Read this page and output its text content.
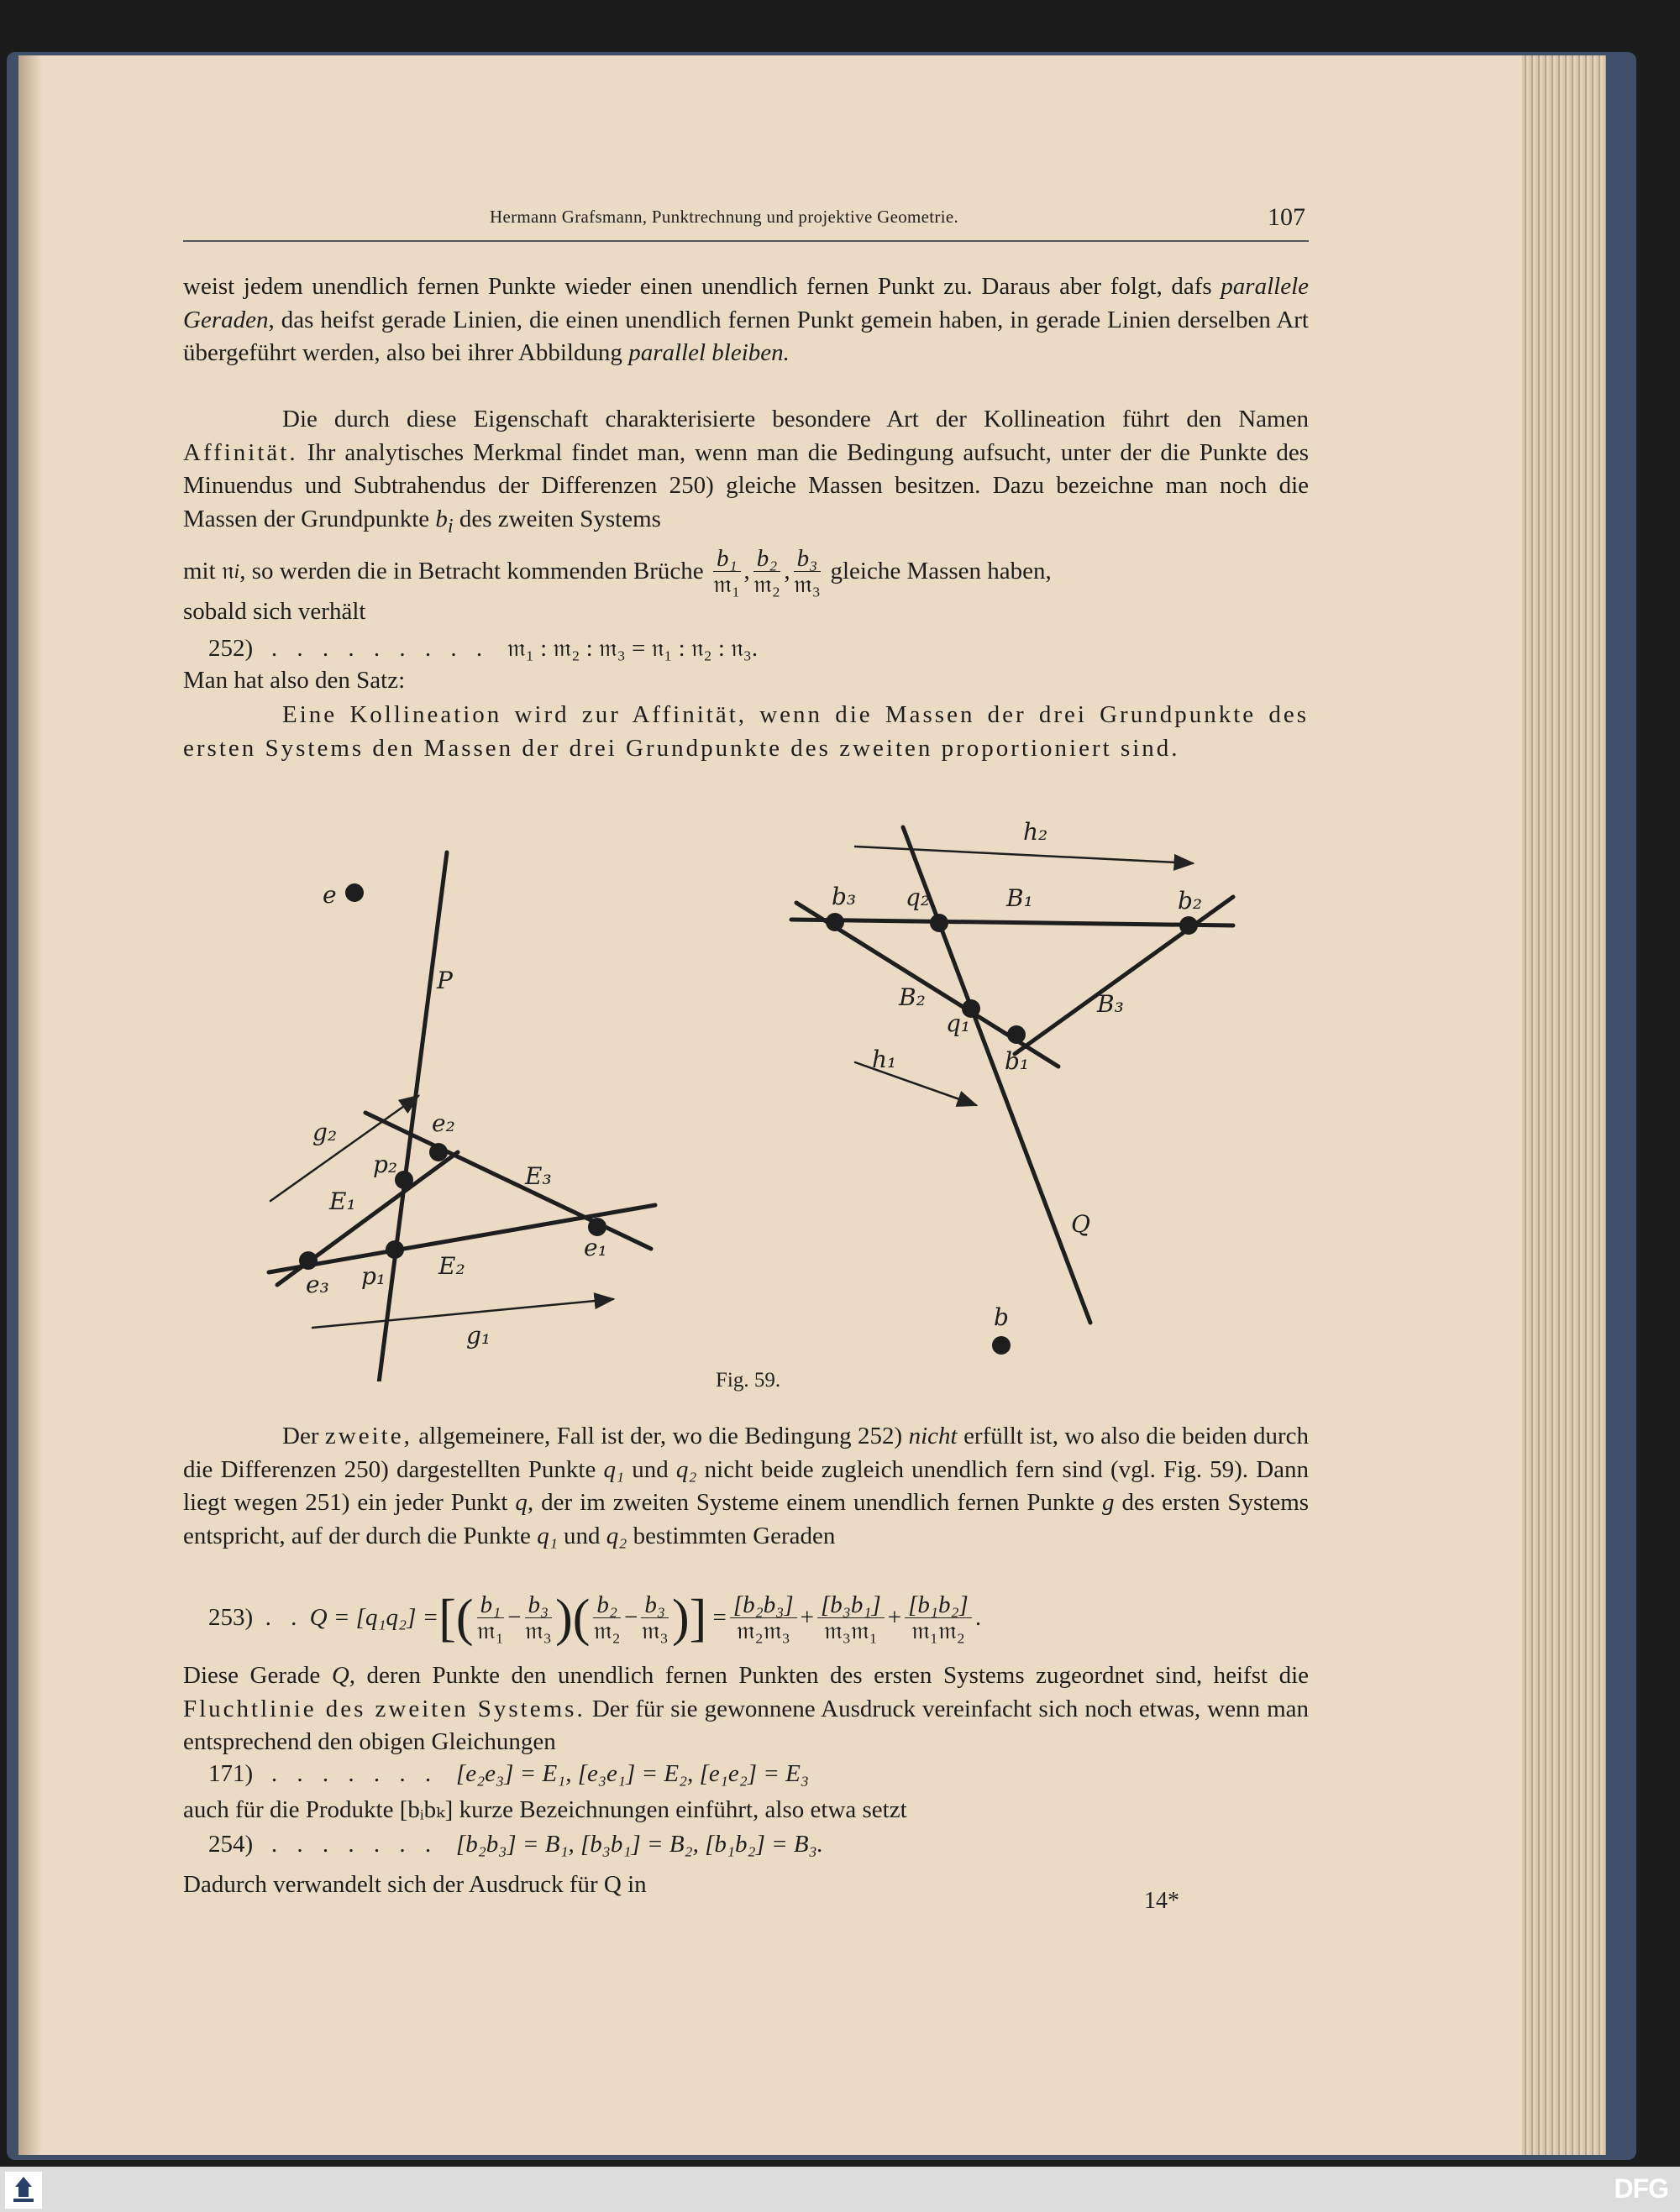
Hermann Grafsmann, Punktrechnung und projektive Geometrie.	107

weist jedem unendlich fernen Punkte wieder einen unendlich fernen Punkt zu. Daraus aber folgt, dafs parallele Geraden, das heifst gerade Linien, die einen unendlich fernen Punkt gemein haben, in gerade Linien derselben Art übergeführt werden, also bei ihrer Abbildung parallel bleiben.

Die durch diese Eigenschaft charakterisierte besondere Art der Kollineation führt den Namen Affinität. Ihr analytisches Merkmal findet man, wenn man die Bedingung aufsucht, unter der die Punkte des Minuendus und Subtrahendus der Differenzen 250) gleiche Massen besitzen. Dazu bezeichne man noch die Massen der Grundpunkte $b_i$ des zweiten Systems

mit
𝔫 i , so werden die in Betracht kommenden Brüche
$\frac{\text{b₁}}{\text{𝔪₁}}$ , $\frac{\text{b₂}}{\text{𝔪₂}}$ , $\frac{\text{b₃}}{\text{𝔪₃}}$
gleiche Massen haben,

sobald sich verhält

252) . . . . . . . . . 𝔪₁ : 𝔪₂ : 𝔪₃ = 𝔫₁ : 𝔫₂ : 𝔫₃.

Man hat also den Satz:

Eine Kollineation wird zur Affinität, wenn die Massen der drei Grundpunkte des ersten Systems den Massen der drei Grundpunkte des zweiten proportioniert sind.

e
P
g₂	e₂
p₂	E₃
E₁
e₁
e₃ p₁ E₂
g₁
h₂
b₃ q₂	B₁	b₂
B₂
q₁
B₃
b₁
h₁
Q
b
Fig. 59.

Der zweite, allgemeinere, Fall ist der, wo die Bedingung 252) nicht erfüllt ist, wo also die beiden durch die Differenzen 250) dargestellten Punkte q₁ und q₂ nicht beide zugleich unendlich fern sind (vgl. Fig. 59). Dann liegt wegen 251) ein jeder Punkt q, der im zweiten Systeme einem unendlich fernen Punkte g des ersten Systems entspricht, auf der durch die Punkte q₁ und q₂ bestimmten Geraden

253)
. .
Q = [q₁q₂] = [ ( $\frac{\text{b₁}}{\text{𝔪₁}} - \frac{\text{b₃}}{\text{𝔪₃}}$ ) ( $\frac{\text{b₂}}{\text{𝔪₂}} - \frac{\text{b₃}}{\text{𝔪₃}}$ ) ] = $\frac{\text{[b₂b₃]}}{\text{𝔪₂𝔪₃}} + \frac{\text{[b₃b₁]}}{\text{𝔪₃𝔪₁}} + \frac{\text{[b₁b₂]}}{\text{𝔪₁𝔪₂}}$ .

Diese Gerade Q, deren Punkte den unendlich fernen Punkten des ersten Systems zugeordnet sind, heifst die Fluchtlinie des zweiten Systems. Der für sie gewonnene Ausdruck vereinfacht sich noch etwas, wenn man entsprechend den obigen Gleichungen

171) . . . . . . . [e₂e₃] = E₁, [e₃e₁] = E₂, [e₁e₂] = E₃

auch für die Produkte [bᵢbₖ] kurze Bezeichnungen einführt, also etwa setzt

254) . . . . . . . [b₂b₃] = B₁, [b₃b₁] = B₂, [b₁b₂] = B₃.

Dadurch verwandelt sich der Ausdruck für Q in

14*
DFG
